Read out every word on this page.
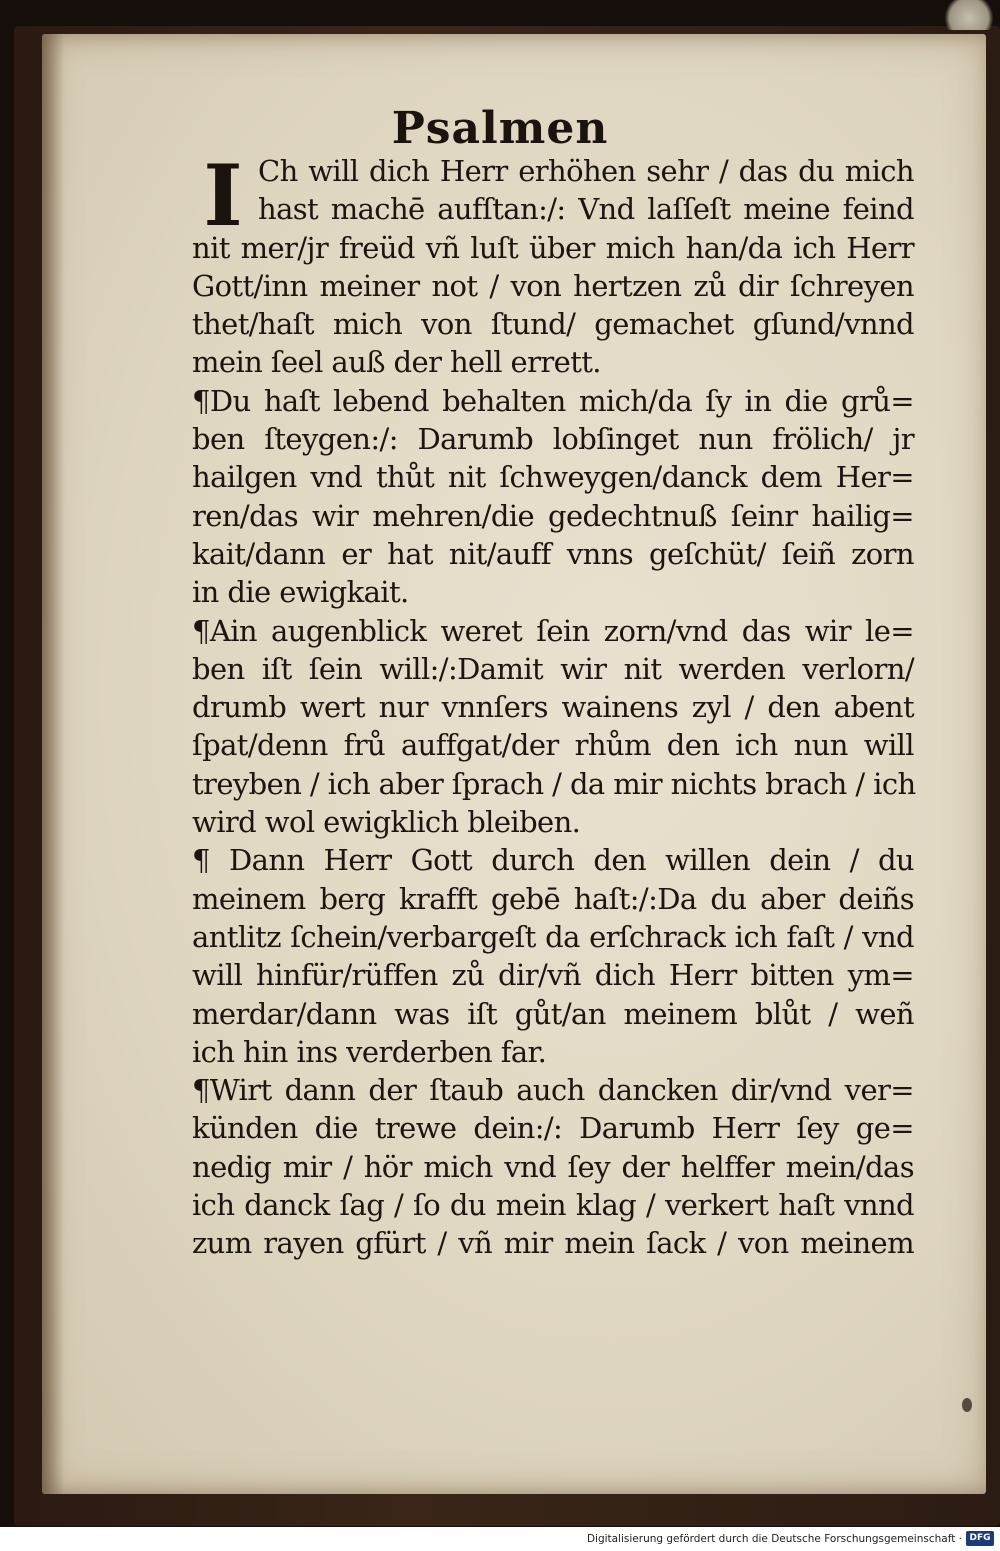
Psalmen
I Ch will dich Herr erhöhen sehr / das du mich
hast machē aufſtan:/: Vnd laſſeſt meine feind
nit mer/jr freüd vñ luſt über mich han/da ich Herr
Gott/inn meiner not / von hertzen zů dir ſchreyen
thet/haſt mich von ſtund/ gemachet gſund/vnnd
mein ſeel auß der hell errett.
¶Du haſt lebend behalten mich/da ſy in die grů=
ben ſteygen:/: Darumb lobſinget nun frölich/ jr
hailgen vnd thůt nit ſchweygen/danck dem Her=
ren/das wir mehren/die gedechtnuß ſeinr hailig=
kait/dann er hat nit/auff vnns geſchüt/ ſeiñ zorn
in die ewigkait.
¶Ain augenblick weret ſein zorn/vnd das wir le=
ben iſt ſein will:/:Damit wir nit werden verlorn/
drumb wert nur vnnſers wainens zyl / den abent
ſpat/denn frů auffgat/der rhům den ich nun will
treyben / ich aber ſprach / da mir nichts brach / ich
wird wol ewigklich bleiben.
¶ Dann Herr Gott durch den willen dein / du
meinem berg krafft gebē haſt:/:Da du aber deiñs
antlitz ſchein/verbargeſt da erſchrack ich faſt / vnd
will hinfür/rüffen zů dir/vñ dich Herr bitten ym=
merdar/dann was iſt gůt/an meinem blůt / weñ
ich hin ins verderben far.
¶Wirt dann der ſtaub auch dancken dir/vnd ver=
künden die trewe dein:/: Darumb Herr ſey ge=
nedig mir / hör mich vnd ſey der helffer mein/das
ich danck ſag / ſo du mein klag / verkert haſt vnnd
zum rayen gfürt / vñ mir mein ſack / von meinem
Digitalisierung gefördert durch die Deutsche Forschungsgemeinschaft · DFG
